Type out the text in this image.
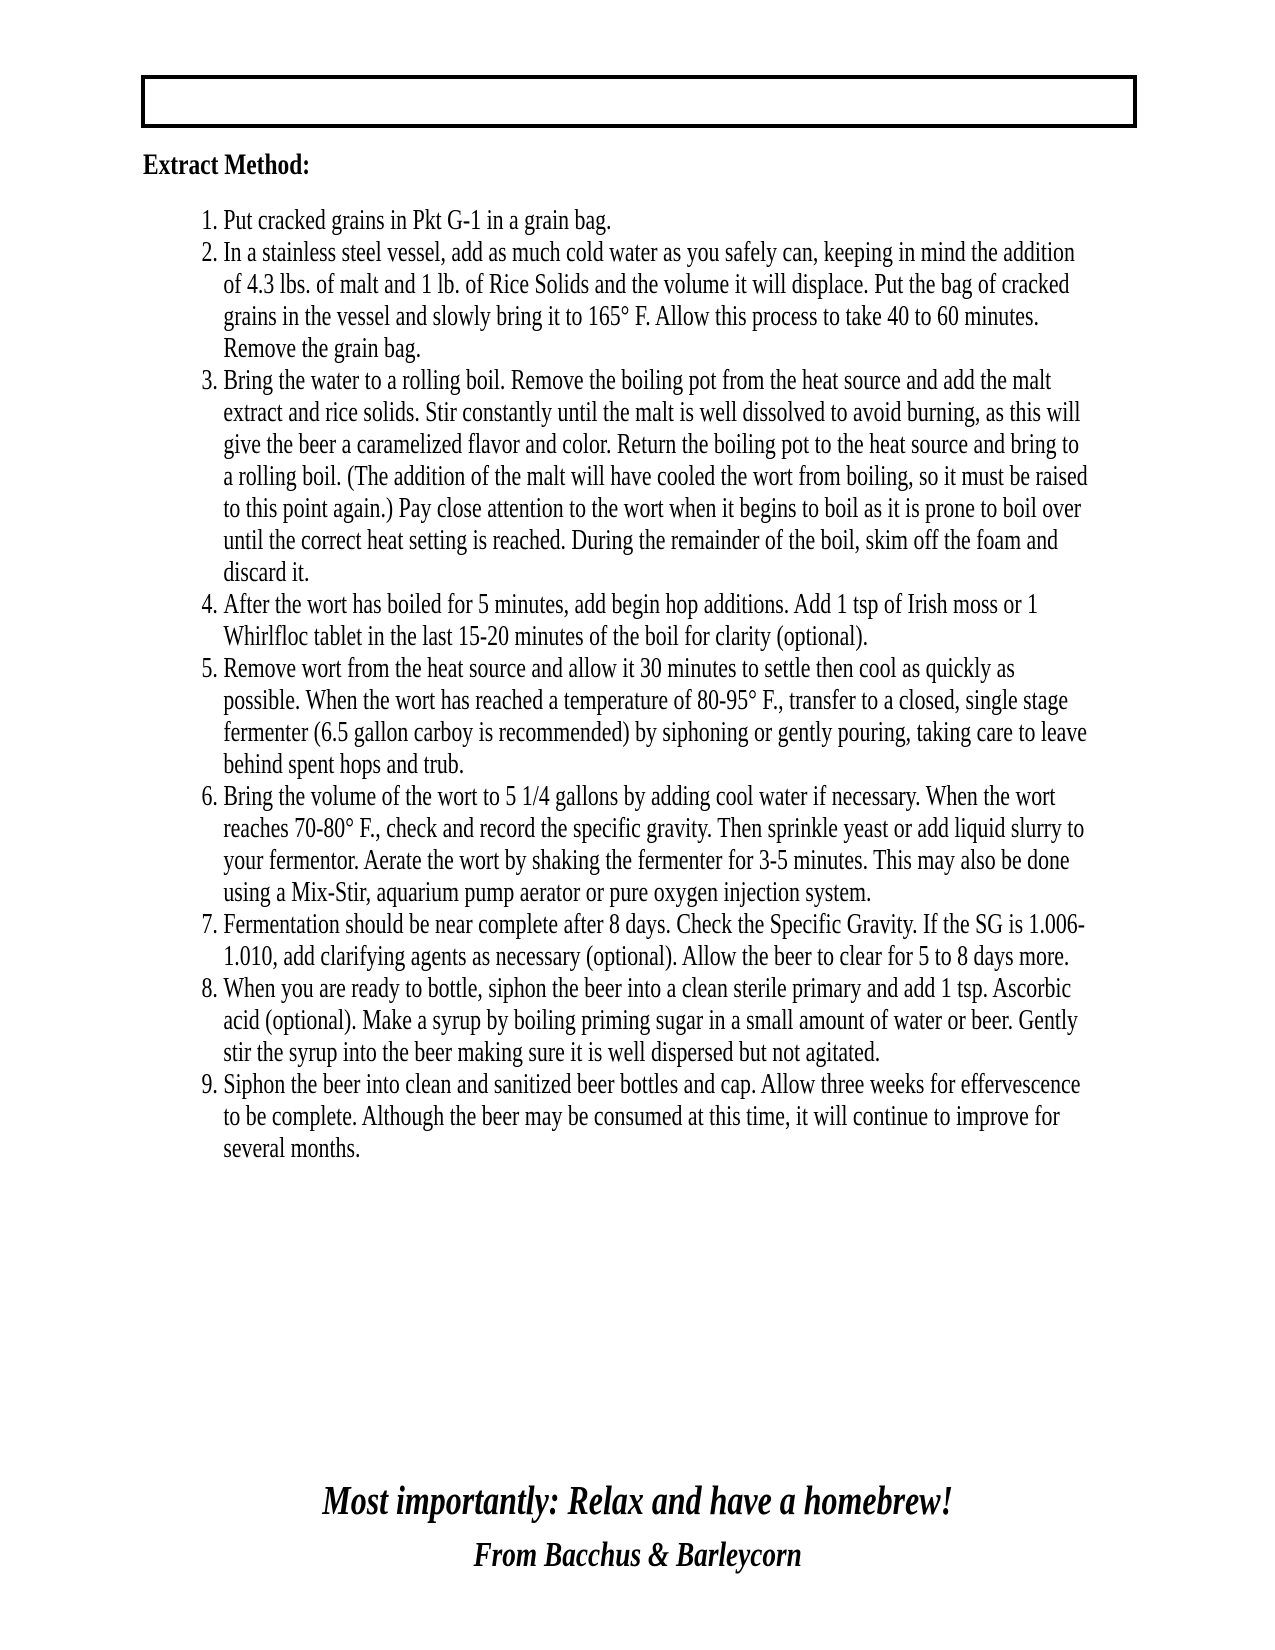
Extract Method:
1. Put cracked grains in Pkt G-1 in a grain bag.
2. In a stainless steel vessel, add as much cold water as you safely can, keeping in mind the addition of 4.3 lbs. of malt and 1 lb. of Rice Solids and the volume it will displace. Put the bag of cracked grains in the vessel and slowly bring it to 165° F. Allow this process to take 40 to 60 minutes. Remove the grain bag.
3. Bring the water to a rolling boil. Remove the boiling pot from the heat source and add the malt extract and rice solids. Stir constantly until the malt is well dissolved to avoid burning, as this will give the beer a caramelized flavor and color. Return the boiling pot to the heat source and bring to a rolling boil. (The addition of the malt will have cooled the wort from boiling, so it must be raised to this point again.) Pay close attention to the wort when it begins to boil as it is prone to boil over until the correct heat setting is reached. During the remainder of the boil, skim off the foam and discard it.
4. After the wort has boiled for 5 minutes, add begin hop additions. Add 1 tsp of Irish moss or 1 Whirlfloc tablet in the last 15-20 minutes of the boil for clarity (optional).
5. Remove wort from the heat source and allow it 30 minutes to settle then cool as quickly as possible. When the wort has reached a temperature of 80-95° F., transfer to a closed, single stage fermenter (6.5 gallon carboy is recommended) by siphoning or gently pouring, taking care to leave behind spent hops and trub.
6. Bring the volume of the wort to 5 1/4 gallons by adding cool water if necessary. When the wort reaches 70-80° F., check and record the specific gravity. Then sprinkle yeast or add liquid slurry to your fermentor. Aerate the wort by shaking the fermenter for 3-5 minutes. This may also be done using a Mix-Stir, aquarium pump aerator or pure oxygen injection system.
7. Fermentation should be near complete after 8 days. Check the Specific Gravity. If the SG is 1.006-1.010, add clarifying agents as necessary (optional). Allow the beer to clear for 5 to 8 days more.
8. When you are ready to bottle, siphon the beer into a clean sterile primary and add 1 tsp. Ascorbic acid (optional). Make a syrup by boiling priming sugar in a small amount of water or beer. Gently stir the syrup into the beer making sure it is well dispersed but not agitated.
9. Siphon the beer into clean and sanitized beer bottles and cap. Allow three weeks for effervescence to be complete. Although the beer may be consumed at this time, it will continue to improve for several months.

Most importantly: Relax and have a homebrew!

From Bacchus & Barleycorn
